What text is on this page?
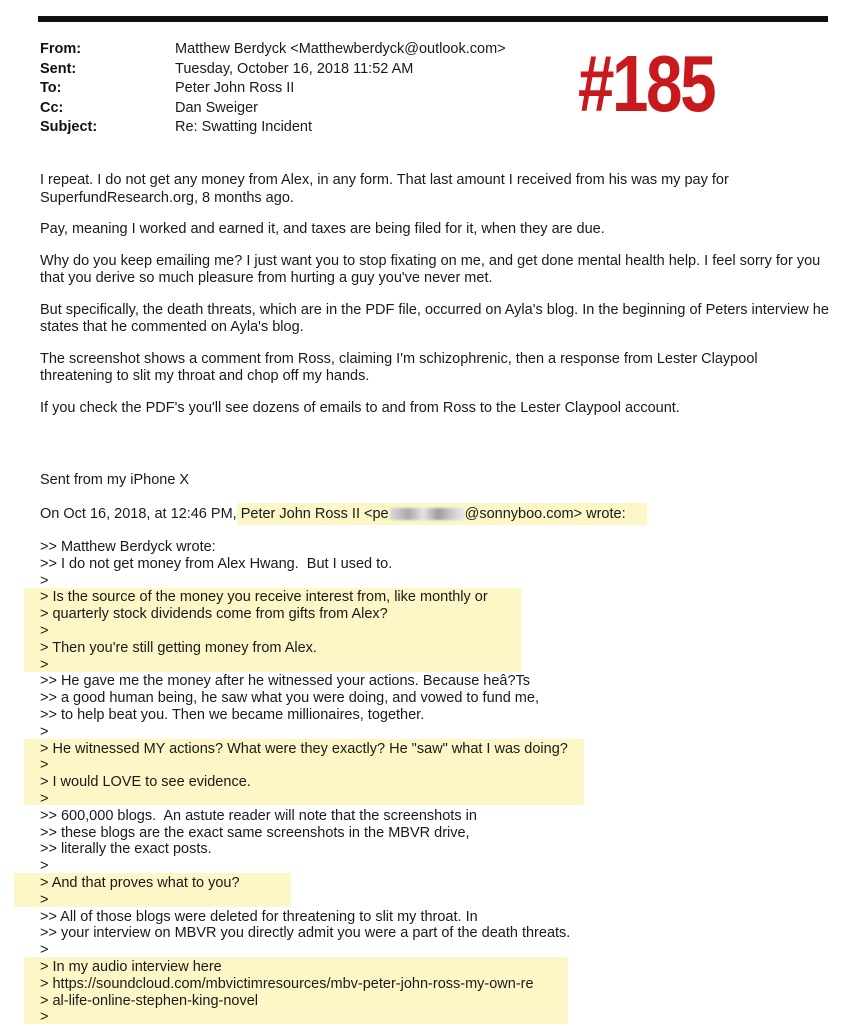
From:	Matthew Berdyck <Matthewberdyck@outlook.com>
Sent:	Tuesday, October 16, 2018 11:52 AM
To:	Peter John Ross II
Cc:	Dan Sweiger
Subject:	Re: Swatting Incident	#185

I repeat. I do not get any money from Alex, in any form. That last amount I received from his was my pay for SuperfundResearch.org, 8 months ago.

Pay, meaning I worked and earned it, and taxes are being filed for it, when they are due.

Why do you keep emailing me? I just want you to stop fixating on me, and get done mental health help. I feel sorry for you that you derive so much pleasure from hurting a guy you've never met.

But specifically, the death threats, which are in the PDF file, occurred on Ayla's blog. In the beginning of Peters interview he states that he commented on Ayla's blog.

The screenshot shows a comment from Ross, claiming I'm schizophrenic, then a response from Lester Claypool threatening to slit my throat and chop off my hands.

If you check the PDF's you'll see dozens of emails to and from Ross to the Lester Claypool account.

Sent from my iPhone X
On Oct 16, 2018, at 12:46 PM, Peter John Ross II <pe	@sonnyboo.com> wrote:
>> Matthew Berdyck wrote:
>> I do not get money from Alex Hwang.  But I used to.
>
> Is the source of the money you receive interest from, like monthly or
> quarterly stock dividends come from gifts from Alex?
>
> Then you're still getting money from Alex.
>
>> He gave me the money after he witnessed your actions. Because heâ?Ts
>> a good human being, he saw what you were doing, and vowed to fund me,
>> to help beat you. Then we became millionaires, together.
>
> He witnessed MY actions? What were they exactly? He "saw" what I was doing?
>
> I would LOVE to see evidence.
>
>> 600,000 blogs.  An astute reader will note that the screenshots in
>> these blogs are the exact same screenshots in the MBVR drive,
>> literally the exact posts.
>
> And that proves what to you?
>
>> All of those blogs were deleted for threatening to slit my throat. In
>> your interview on MBVR you directly admit you were a part of the death threats.
>
> In my audio interview here
> https://soundcloud.com/mbvictimresources/mbv-peter-john-ross-my-own-re
> al-life-online-stephen-king-novel
>
